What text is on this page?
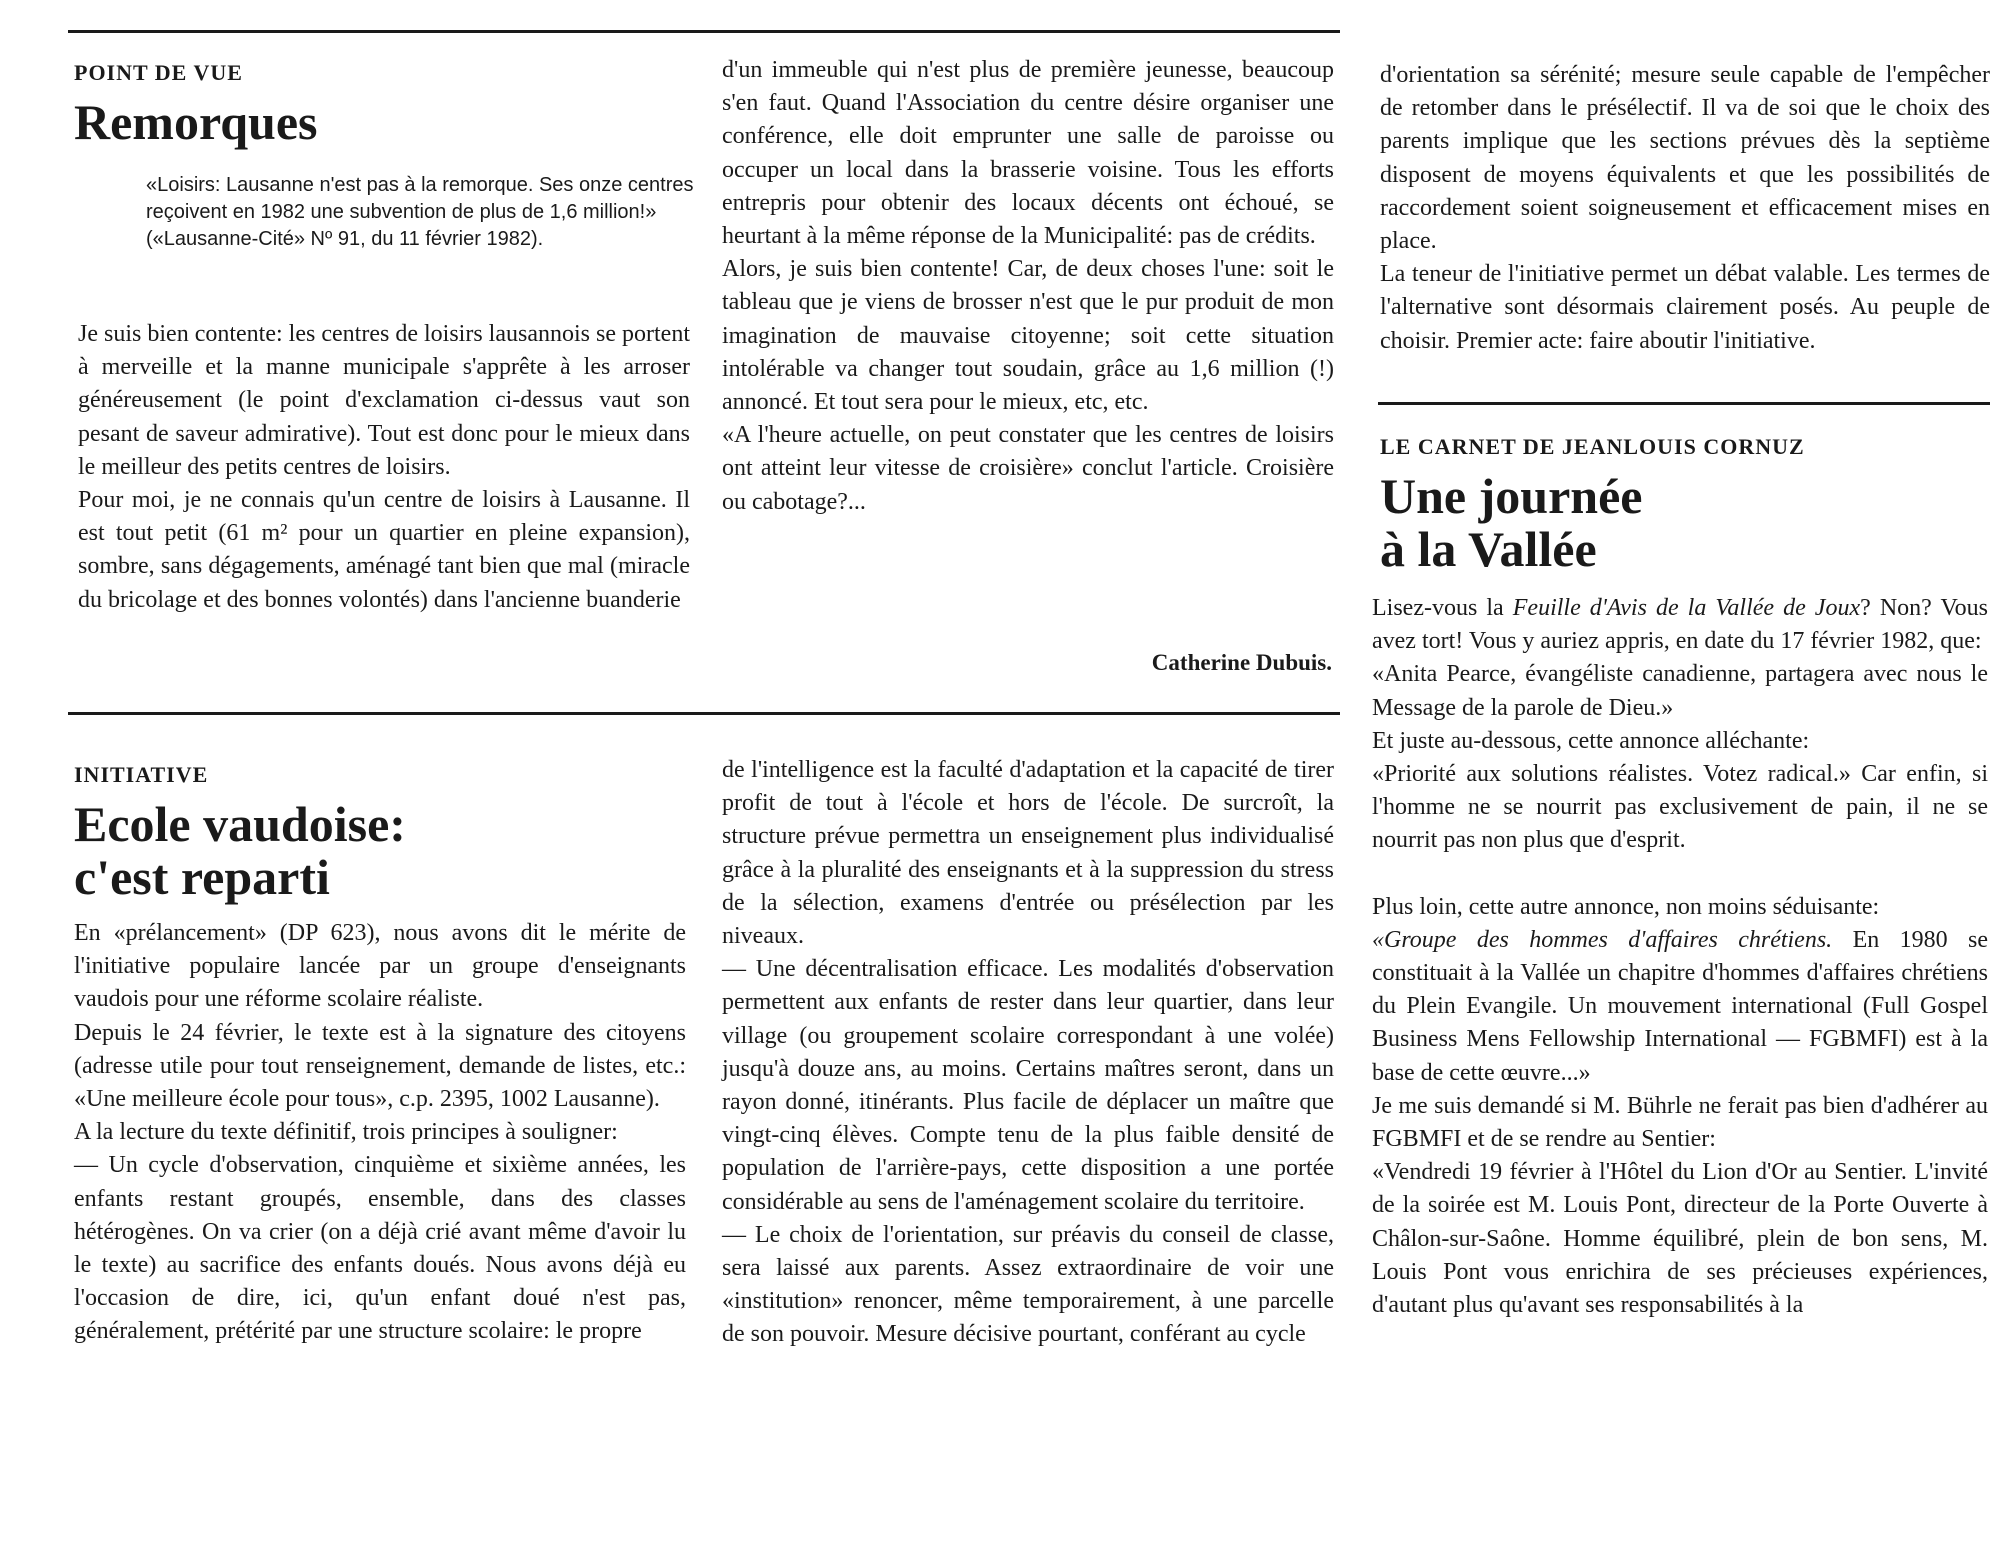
POINT DE VUE
Remorques

«Loisirs: Lausanne n'est pas à la remorque. Ses onze centres reçoivent en 1982 une subvention de plus de 1,6 million!»

(«Lausanne-Cité» Nº 91, du 11 février 1982).

Je suis bien contente: les centres de loisirs lausannois se portent à merveille et la manne municipale s'apprête à les arroser généreusement (le point d'exclamation ci-dessus vaut son pesant de saveur admirative). Tout est donc pour le mieux dans le meilleur des petits centres de loisirs.

Pour moi, je ne connais qu'un centre de loisirs à Lausanne. Il est tout petit (61 m² pour un quartier en pleine expansion), sombre, sans dégagements, aménagé tant bien que mal (miracle du bricolage et des bonnes volontés) dans l'ancienne buanderie

d'un immeuble qui n'est plus de première jeunesse, beaucoup s'en faut. Quand l'Association du centre désire organiser une conférence, elle doit emprunter une salle de paroisse ou occuper un local dans la brasserie voisine. Tous les efforts entrepris pour obtenir des locaux décents ont échoué, se heurtant à la même réponse de la Municipalité: pas de crédits.

Alors, je suis bien contente! Car, de deux choses l'une: soit le tableau que je viens de brosser n'est que le pur produit de mon imagination de mauvaise citoyenne; soit cette situation intolérable va changer tout soudain, grâce au 1,6 million (!) annoncé. Et tout sera pour le mieux, etc, etc.

«A l'heure actuelle, on peut constater que les centres de loisirs ont atteint leur vitesse de croisière» conclut l'article. Croisière ou cabotage?...

Catherine Dubuis.
INITIATIVE
Ecole vaudoise:
c'est reparti

En «prélancement» (DP 623), nous avons dit le mérite de l'initiative populaire lancée par un groupe d'enseignants vaudois pour une réforme scolaire réaliste.

Depuis le 24 février, le texte est à la signature des citoyens (adresse utile pour tout renseignement, demande de listes, etc.: «Une meilleure école pour tous», c.p. 2395, 1002 Lausanne).

A la lecture du texte définitif, trois principes à souligner:

— Un cycle d'observation, cinquième et sixième années, les enfants restant groupés, ensemble, dans des classes hétérogènes. On va crier (on a déjà crié avant même d'avoir lu le texte) au sacrifice des enfants doués. Nous avons déjà eu l'occasion de dire, ici, qu'un enfant doué n'est pas, généralement, prétérité par une structure scolaire: le propre

de l'intelligence est la faculté d'adaptation et la capacité de tirer profit de tout à l'école et hors de l'école. De surcroît, la structure prévue permettra un enseignement plus individualisé grâce à la pluralité des enseignants et à la suppression du stress de la sélection, examens d'entrée ou présélection par les niveaux.

— Une décentralisation efficace. Les modalités d'observation permettent aux enfants de rester dans leur quartier, dans leur village (ou groupement scolaire correspondant à une volée) jusqu'à douze ans, au moins. Certains maîtres seront, dans un rayon donné, itinérants. Plus facile de déplacer un maître que vingt-cinq élèves. Compte tenu de la plus faible densité de population de l'arrière-pays, cette disposition a une portée considérable au sens de l'aménagement scolaire du territoire.

— Le choix de l'orientation, sur préavis du conseil de classe, sera laissé aux parents. Assez extraordinaire de voir une «institution» renoncer, même temporairement, à une parcelle de son pouvoir. Mesure décisive pourtant, conférant au cycle

d'orientation sa sérénité; mesure seule capable de l'empêcher de retomber dans le présélectif. Il va de soi que le choix des parents implique que les sections prévues dès la septième disposent de moyens équivalents et que les possibilités de raccordement soient soigneusement et efficacement mises en place.

La teneur de l'initiative permet un débat valable. Les termes de l'alternative sont désormais clairement posés. Au peuple de choisir. Premier acte: faire aboutir l'initiative.

LE CARNET DE JEANLOUIS CORNUZ
Une journée
à la Vallée

Lisez-vous la Feuille d'Avis de la Vallée de Joux? Non? Vous avez tort! Vous y auriez appris, en date du 17 février 1982, que:

«Anita Pearce, évangéliste canadienne, partagera avec nous le Message de la parole de Dieu.»

Et juste au-dessous, cette annonce alléchante:

«Priorité aux solutions réalistes. Votez radical.» Car enfin, si l'homme ne se nourrit pas exclusivement de pain, il ne se nourrit pas non plus que d'esprit.

Plus loin, cette autre annonce, non moins séduisante:

«Groupe des hommes d'affaires chrétiens. En 1980 se constituait à la Vallée un chapitre d'hommes d'affaires chrétiens du Plein Evangile. Un mouvement international (Full Gospel Business Mens Fellowship International — FGBMFI) est à la base de cette œuvre...»

Je me suis demandé si M. Bührle ne ferait pas bien d'adhérer au FGBMFI et de se rendre au Sentier:

«Vendredi 19 février à l'Hôtel du Lion d'Or au Sentier. L'invité de la soirée est M. Louis Pont, directeur de la Porte Ouverte à Châlon-sur-Saône. Homme équilibré, plein de bon sens, M. Louis Pont vous enrichira de ses précieuses expériences, d'autant plus qu'avant ses responsabilités à la
